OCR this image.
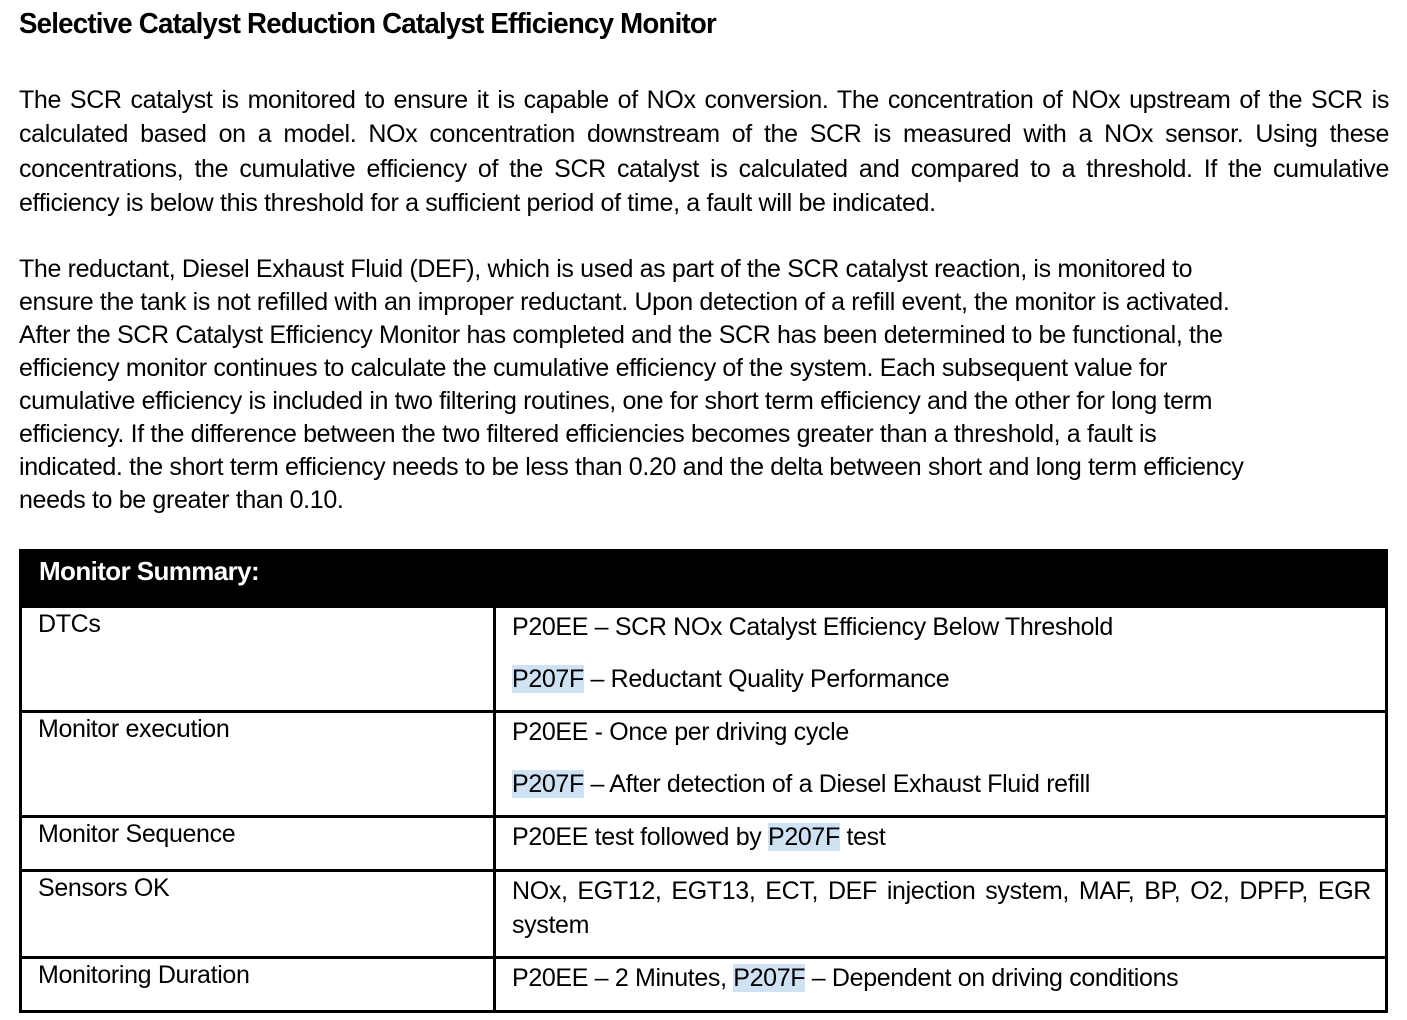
Selective Catalyst Reduction Catalyst Efficiency Monitor

The SCR catalyst is monitored to ensure it is capable of NOx conversion. The concentration of NOx upstream of the SCR is calculated based on a model. NOx concentration downstream of the SCR is measured with a NOx sensor. Using these concentrations, the cumulative efficiency of the SCR catalyst is calculated and compared to a threshold. If the cumulative efficiency is below this threshold for a sufficient period of time, a fault will be indicated.

The reductant, Diesel Exhaust Fluid (DEF), which is used as part of the SCR catalyst reaction, is monitored to
ensure the tank is not refilled with an improper reductant. Upon detection of a refill event, the monitor is activated.
After the SCR Catalyst Efficiency Monitor has completed and the SCR has been determined to be functional, the
efficiency monitor continues to calculate the cumulative efficiency of the system. Each subsequent value for
cumulative efficiency is included in two filtering routines, one for short term efficiency and the other for long term
efficiency. If the difference between the two filtered efficiencies becomes greater than a threshold, a fault is
indicated. the short term efficiency needs to be less than 0.20 and the delta between short and long term efficiency
needs to be greater than 0.10.

Monitor Summary:	
DTCs	P20EE – SCR NOx Catalyst Efficiency Below Threshold
P207F – Reductant Quality Performance

Monitor execution	P20EE - Once per driving cycle
P207F – After detection of a Diesel Exhaust Fluid refill

Monitor Sequence	P20EE test followed by P207F test

Sensors OK	NOx, EGT12, EGT13, ECT, DEF injection system, MAF, BP, O2, DPFP, EGR system
Monitoring Duration	P20EE – 2 Minutes, P207F – Dependent on driving conditions
